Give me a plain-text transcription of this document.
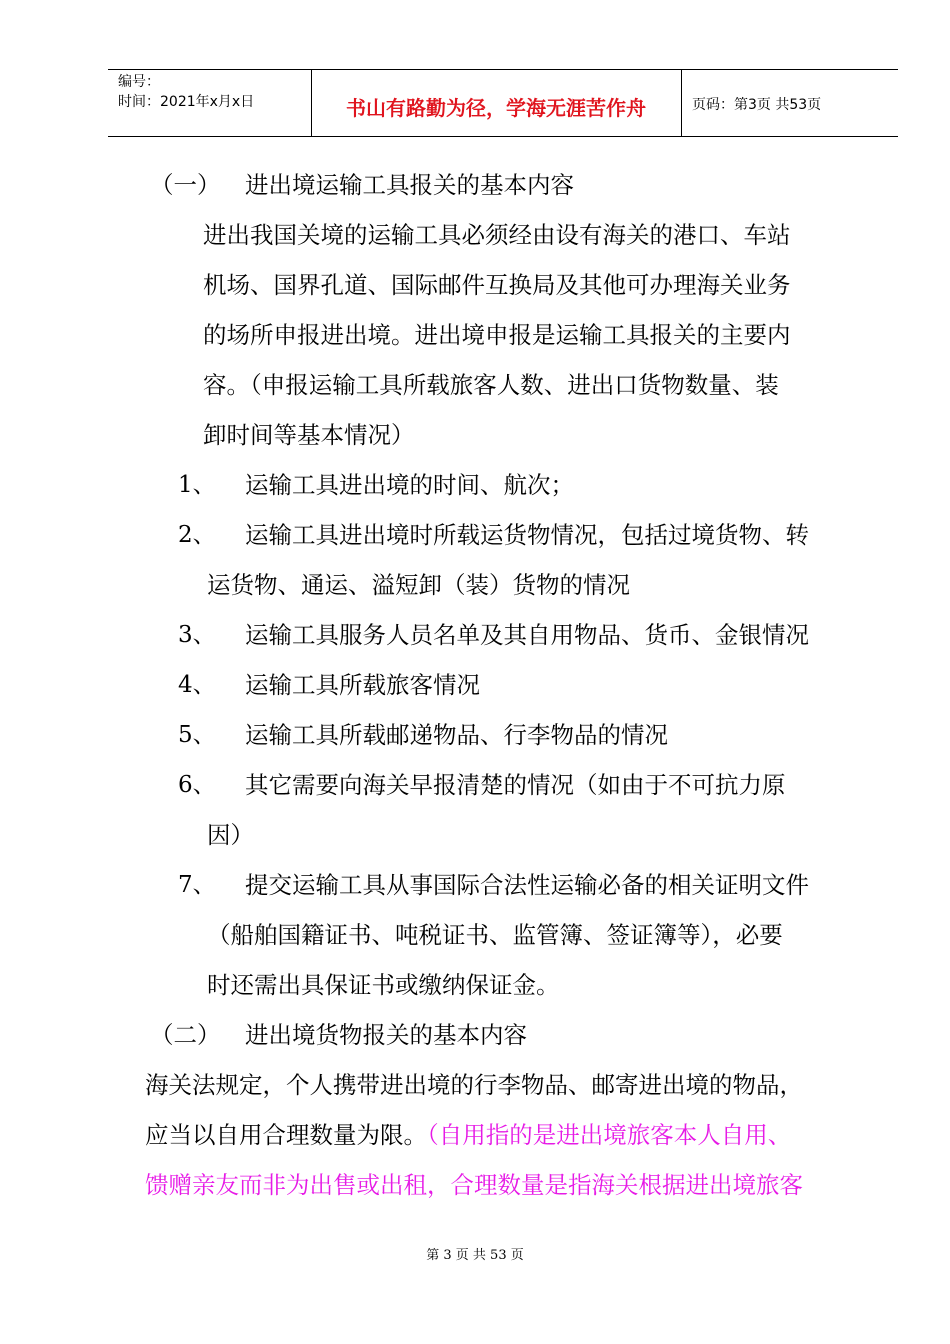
编号：
时间：2021年x月x日	书山有路勤为径，学海无涯苦作舟	页码：第3页 共53页
（一） 进出境运输工具报关的基本内容
进出我国关境的运输工具必须经由设有海关的港口、车站
机场、国界孔道、国际邮件互换局及其他可办理海关业务
的场所申报进出境。进出境申报是运输工具报关的主要内
容。（申报运输工具所载旅客人数、进出口货物数量、装
卸时间等基本情况）
1、 运输工具进出境的时间、航次；
2、 运输工具进出境时所载运货物情况，包括过境货物、转
运货物、通运、溢短卸（装）货物的情况
3、 运输工具服务人员名单及其自用物品、货币、金银情况
4、 运输工具所载旅客情况
5、 运输工具所载邮递物品、行李物品的情况
6、 其它需要向海关早报清楚的情况（如由于不可抗力原
因）
7、 提交运输工具从事国际合法性运输必备的相关证明文件
（船舶国籍证书、吨税证书、监管簿、签证簿等），必要
时还需出具保证书或缴纳保证金。
（二） 进出境货物报关的基本内容
海关法规定，个人携带进出境的行李物品、邮寄进出境的物品，
应当以自用合理数量为限。（自用指的是进出境旅客本人自用、
馈赠亲友而非为出售或出租，合理数量是指海关根据进出境旅客
第 3 页 共 53 页
